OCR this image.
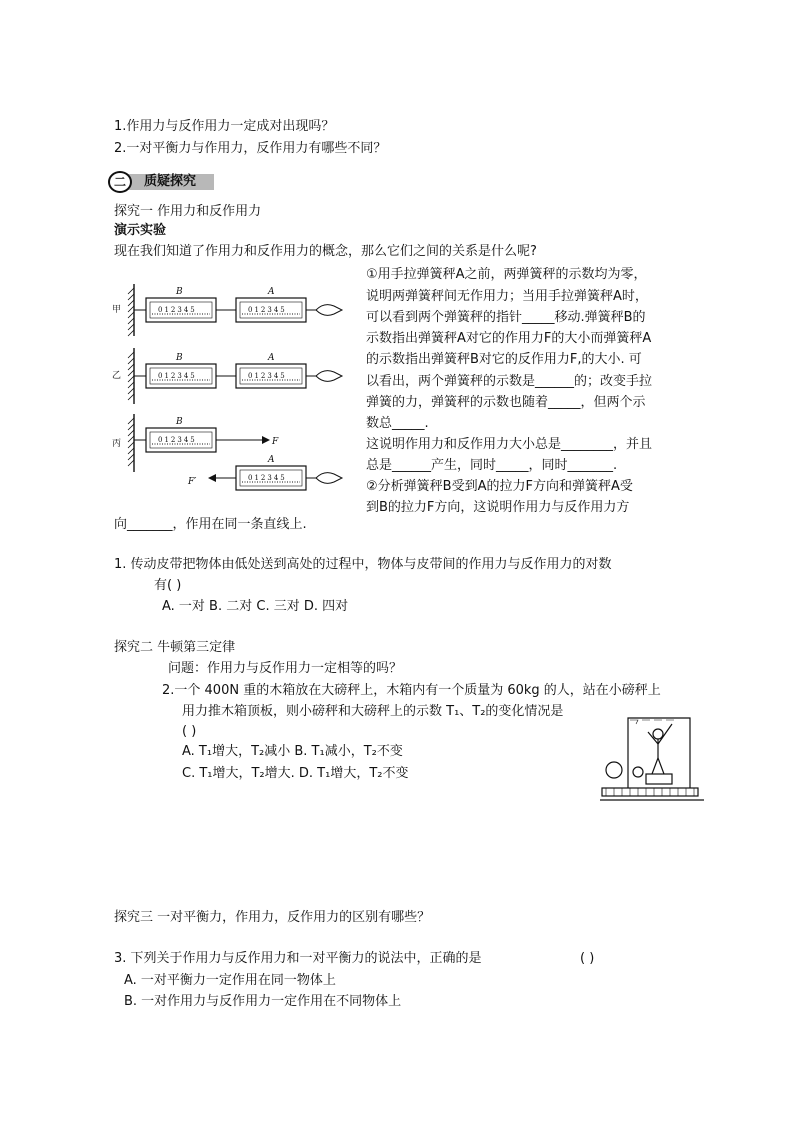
1.作用力与反作用力一定成对出现吗？
2.一对平衡力与作用力，反作用力有哪些不同？
二	质疑探究
探究一 作用力和反作用力
演示实验
现在我们知道了作用力和反作用力的概念，那么它们之间的关系是什么呢?
①用手拉弹簧秤A之前，两弹簧秤的示数均为零，
说明两弹簧秤间无作用力；当用手拉弹簧秤A时，
可以看到两个弹簧秤的指针_____移动.弹簧秤B的
示数指出弹簧秤A对它的作用力F的大小而弹簧秤A
的示数指出弹簧秤B对它的反作用力F,的大小. 可
以看出，两个弹簧秤的示数是______的；改变手拉
弹簧的力，弹簧秤的示数也随着_____，但两个示
数总_____.
这说明作用力和反作用力大小总是________，并且
总是______产生，同时_____，同时_______.
②分析弹簧秤B受到A的拉力F方向和弹簧秤A受
到B的拉力F方向，这说明作用力与反作用力方
向_______，作用在同一条直线上.
甲
乙
丙
B
012345
A
012345
B
012345
A
012345
B
012345	F
F′
A
012345
1. 传动皮带把物体由低处送到高处的过程中，物体与皮带间的作用力与反作用力的对数
有( )
A. 一对 B. 二对 C. 三对 D. 四对
探究二 牛顿第三定律
问题：作用力与反作用力一定相等的吗？
2.一个 400N 重的木箱放在大磅秤上，木箱内有一个质量为 60kg 的人，站在小磅秤上
用力推木箱顶板，则小磅秤和大磅秤上的示数 T₁、T₂的变化情况是
( )
A. T₁增大，T₂减小 B. T₁减小，T₂不变
C. T₁增大，T₂增大. D. T₁增大，T₂不变
探究三 一对平衡力，作用力，反作用力的区别有哪些？
3. 下列关于作用力与反作用力和一对平衡力的说法中，正确的是	( )
A. 一对平衡力一定作用在同一物体上
B. 一对作用力与反作用力一定作用在不同物体上
